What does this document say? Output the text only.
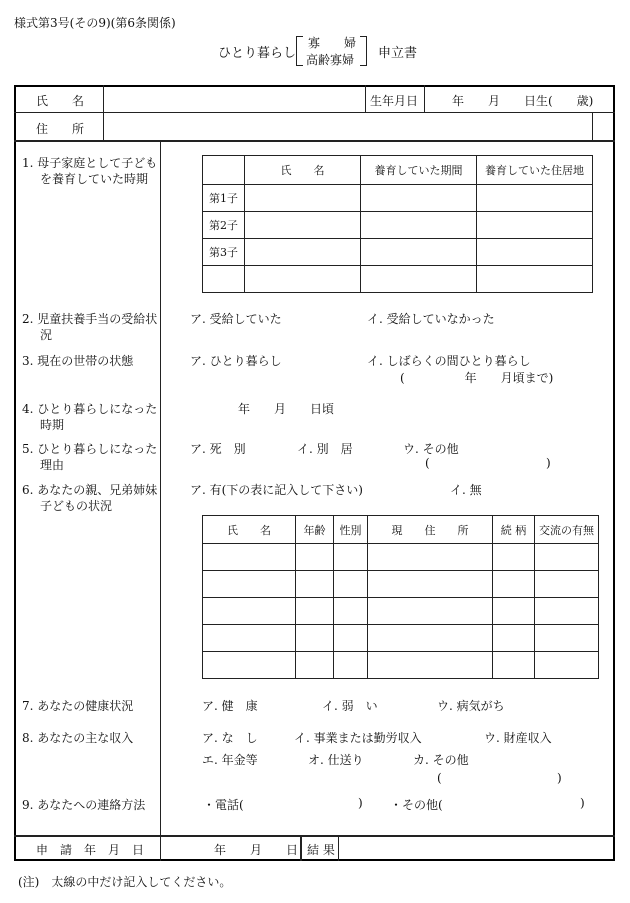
様式第3号(その9)(第6条関係)
ひとり暮らし
寡　　婦
高齢寡婦 申立書
氏　　名	生年月日	年　　月　　日生(　　歳)
住　　所
1. 母子家庭として子ども
を養育していた時期
	氏　　名	養育していた期間	養育していた住居地
第1子			
第2子			
第3子			

2. 児童扶養手当の受給状
況
ア. 受給していた	イ. 受給していなかった
3. 現在の世帯の状態	ア. ひとり暮らし	イ. しばらくの間ひとり暮らし
(　　　　　年　　月頃まで)
4. ひとり暮らしになった
時期
年　　月　　日頃
5. ひとり暮らしになった
理由
ア. 死　別	イ. 別　居	ウ. その他
(	)
6. あなたの親、兄弟姉妹
子どもの状況
ア. 有(下の表に記入して下さい)	イ. 無
氏　　名	年齢	性別	現　　住　　所	続 柄	交流の有無

7. あなたの健康状況	ア. 健　康	イ. 弱　い	ウ. 病気がち
8. あなたの主な収入	ア. な　し	イ. 事業または勤労収入	ウ. 財産収入
エ. 年金等	オ. 仕送り	カ. その他
(	)
9. あなたへの連絡方法	・電話(	) ・その他(	)
申　請　年　月　日	年　　月　　日 結 果
(注)　太線の中だけ記入してください。
